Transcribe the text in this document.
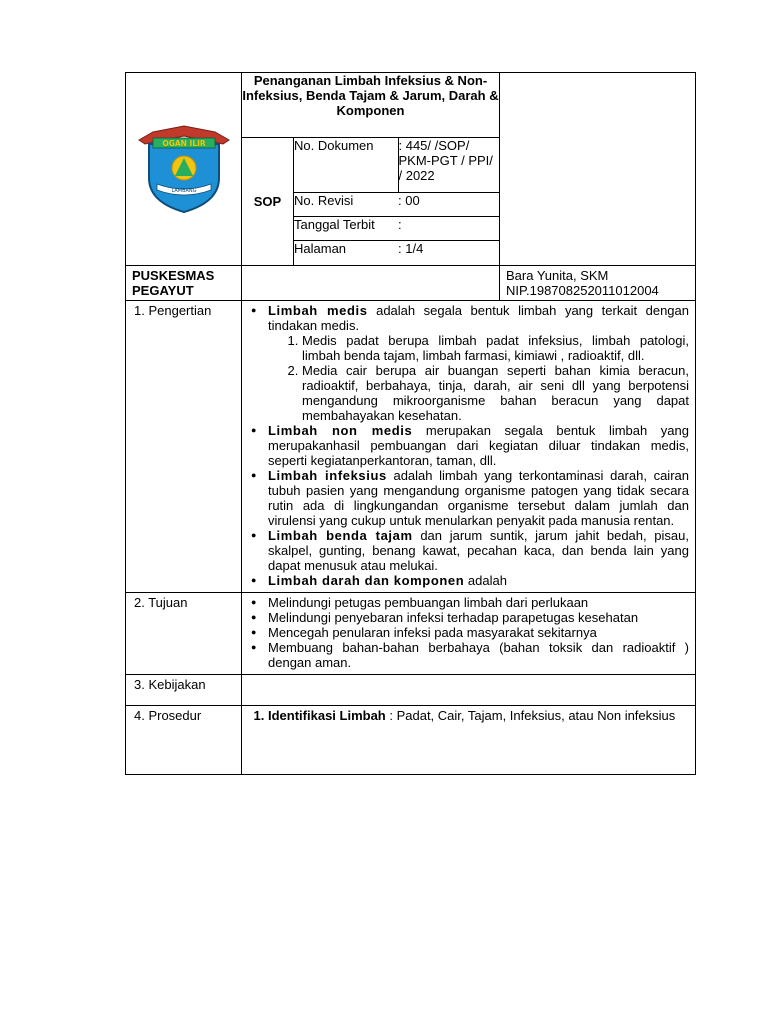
OGAN ILIR
LAMBANG
	Penanganan Limbah Infeksius & Non-Infeksius, Benda Tajam & Jarum, Darah & Komponen	
SOP	
No. Dokumen	: 445/ /SOP/ PKM-PGT / PPI/ / 2022
No. Revisi	: 00
Tanggal Terbit	:
Halaman	: 1/4

PUSKESMAS PEGAYUT		
Bara Yunita, SKM
NIP.198708252011012004

1. Pengertian	
●Limbah medis adalah segala bentuk limbah yang terkait dengan tindakan medis.
1. Medis padat berupa limbah padat infeksius, limbah patologi, limbah benda tajam, limbah farmasi, kimiawi , radioaktif, dll.
2. Media cair berupa air buangan seperti bahan kimia beracun, radioaktif, berbahaya, tinja, darah, air seni dll yang berpotensi mengandung mikroorganisme bahan beracun yang dapat membahayakan kesehatan.
● Limbah non medis merupakan segala bentuk limbah yang merupakanhasil pembuangan dari kegiatan diluar tindakan medis, seperti kegiatanperkantoran, taman, dll.
● Limbah infeksius adalah limbah yang terkontaminasi darah, cairan tubuh pasien yang mengandung organisme patogen yang tidak secara rutin ada di lingkungandan organisme tersebut dalam jumlah dan virulensi yang cukup untuk menularkan penyakit pada manusia rentan.
● Limbah benda tajam dan jarum suntik, jarum jahit bedah, pisau, skalpel, gunting, benang kawat, pecahan kaca, dan benda lain yang dapat menusuk atau melukai.
● Limbah darah dan komponen adalah

2. Tujuan	
●Melindungi petugas pembuangan limbah dari perlukaan
● Melindungi penyebaran infeksi terhadap parapetugas kesehatan
● Mencegah penularan infeksi pada masyarakat sekitarnya
● Membuang bahan-bahan berbahaya (bahan toksik dan radioaktif ) dengan aman.

3. Kebijakan	
4. Prosedur	
1.Identifikasi Limbah : Padat, Cair, Tajam, Infeksius, atau Non infeksius
